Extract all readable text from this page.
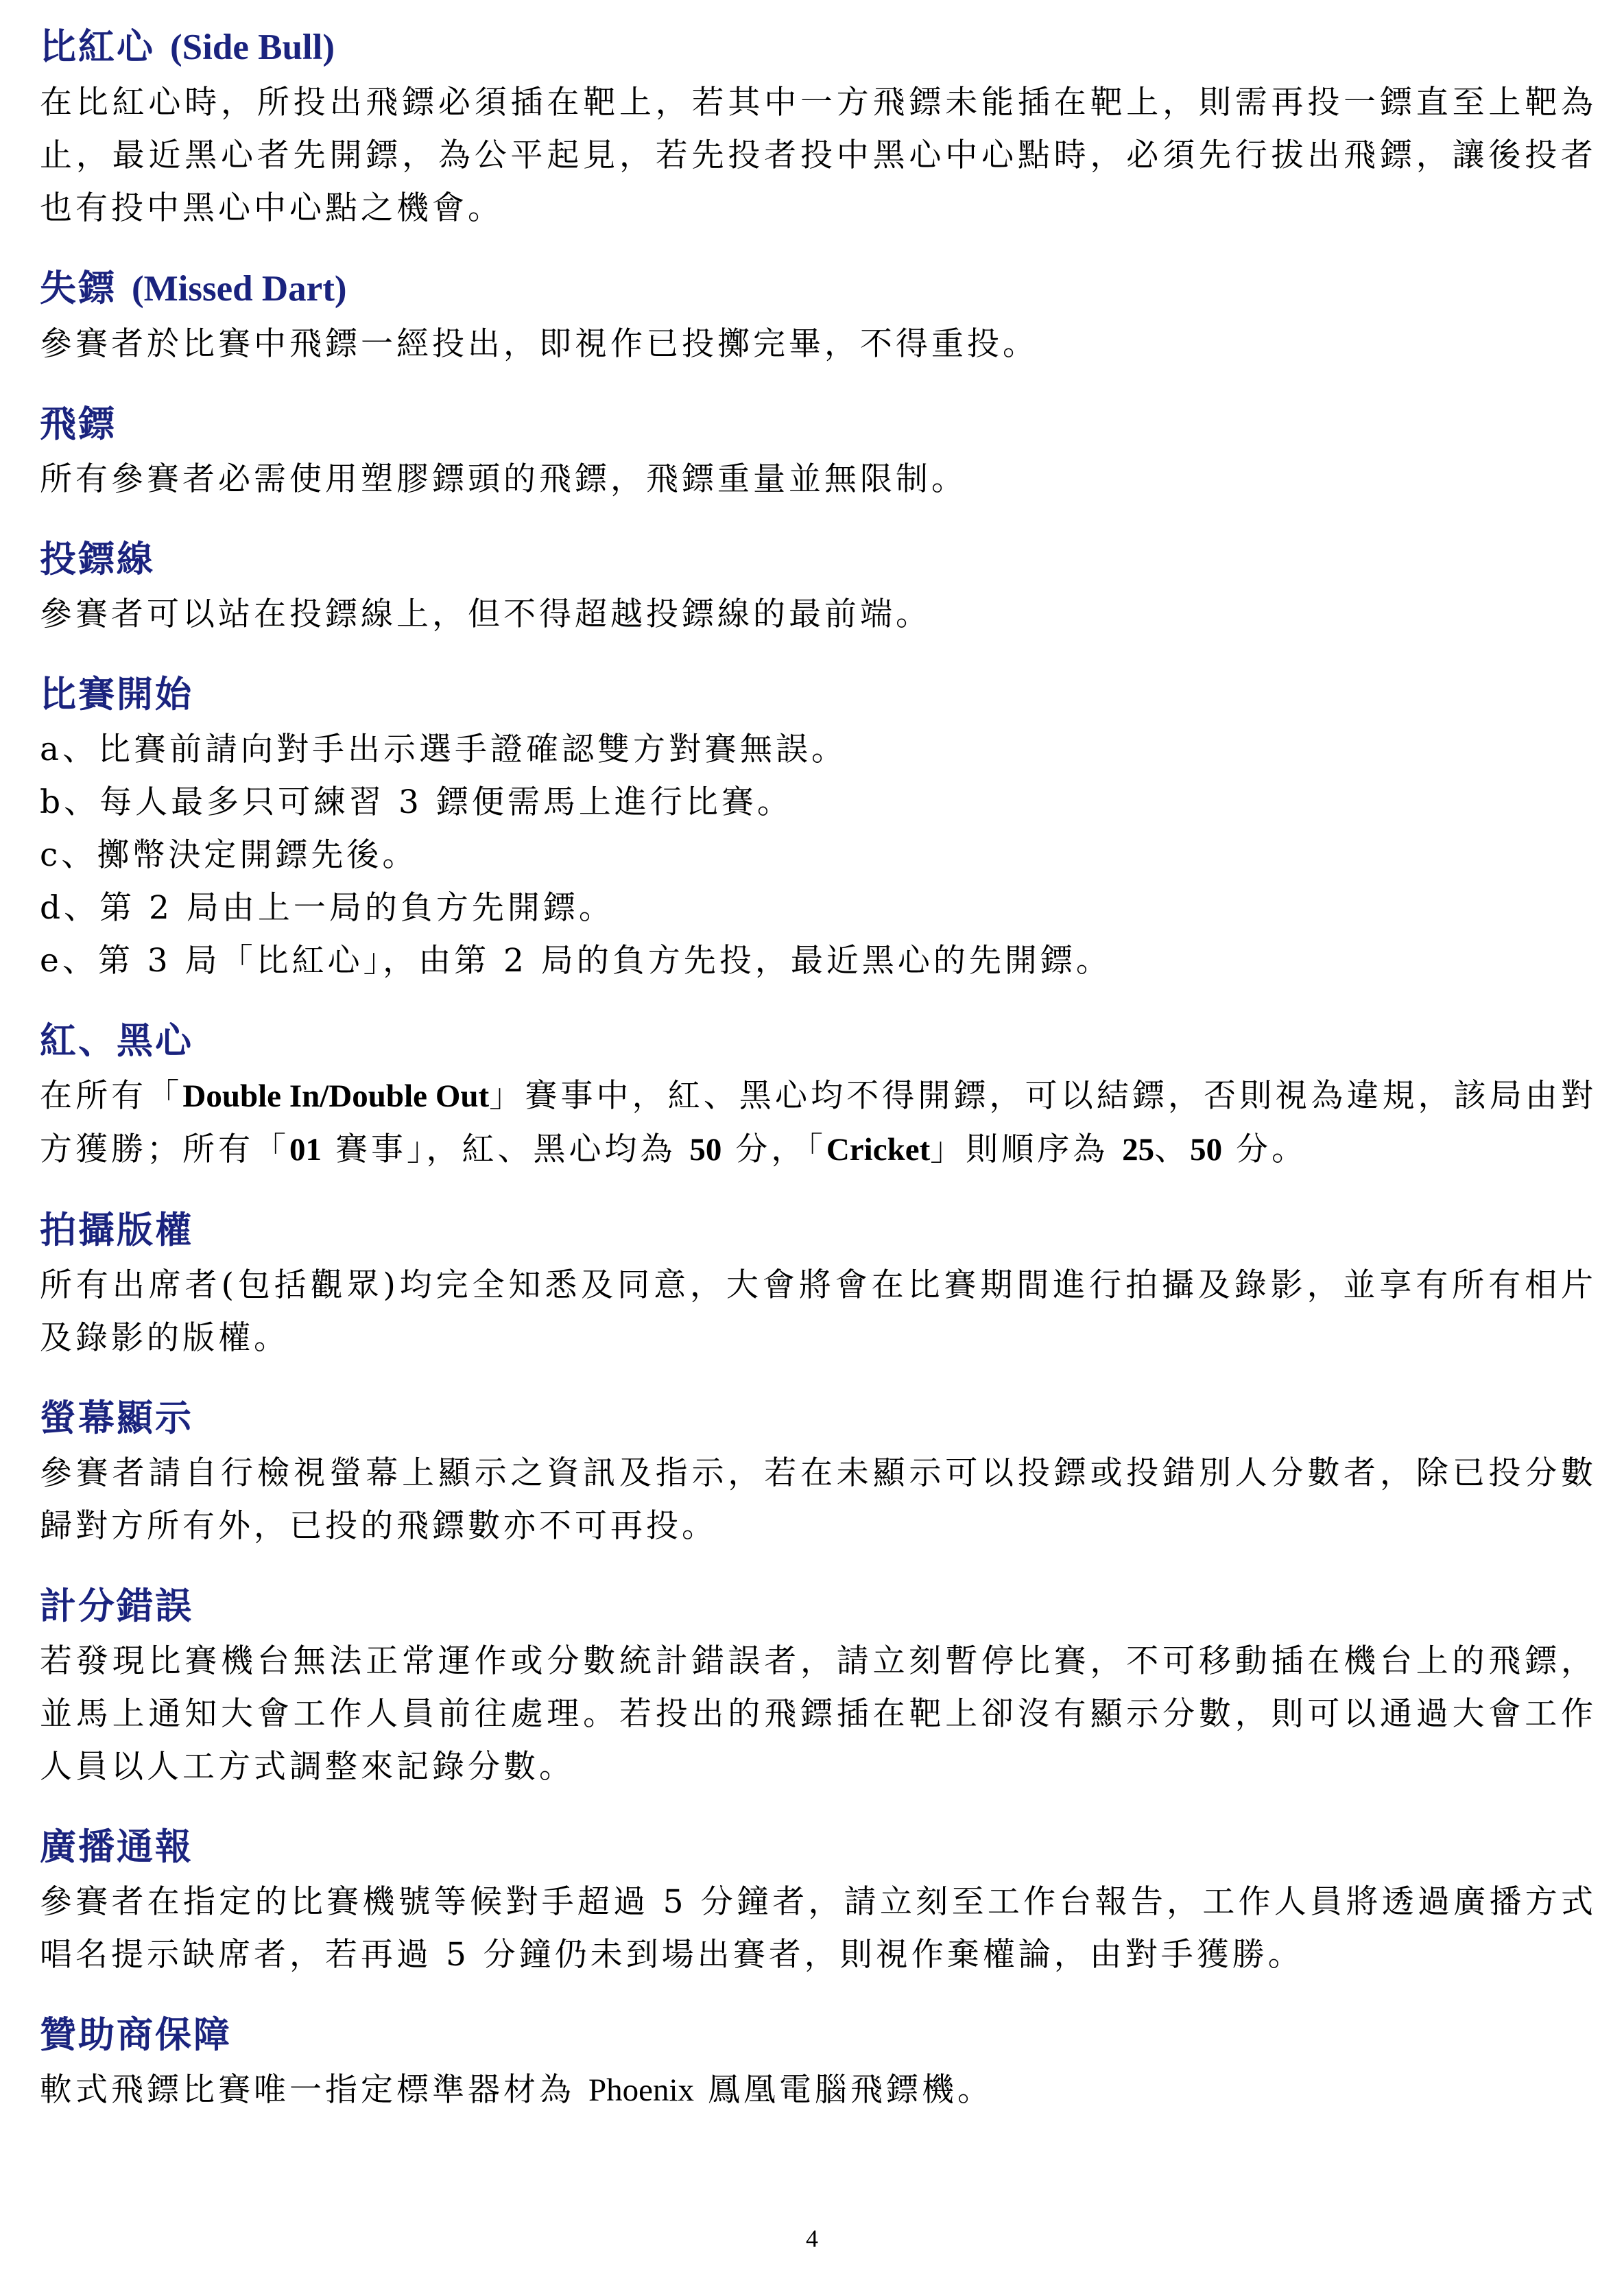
比紅心 (Side Bull)

在比紅心時，所投出飛鏢必須插在靶上，若其中一方飛鏢未能插在靶上，則需再投一鏢直至上靶為止，最近黑心者先開鏢，為公平起見，若先投者投中黑心中心點時，必須先行拔出飛鏢，讓後投者也有投中黑心中心點之機會。

失鏢 (Missed Dart)

參賽者於比賽中飛鏢一經投出，即視作已投擲完畢，不得重投。

飛鏢

所有參賽者必需使用塑膠鏢頭的飛鏢，飛鏢重量並無限制。

投鏢線

參賽者可以站在投鏢線上，但不得超越投鏢線的最前端。

比賽開始

a、比賽前請向對手出示選手證確認雙方對賽無誤。

b、每人最多只可練習 3 鏢便需馬上進行比賽。

c、擲幣決定開鏢先後。

d、第 2 局由上一局的負方先開鏢。

e、第 3 局「比紅心」，由第 2 局的負方先投，最近黑心的先開鏢。

紅、黑心

在所有「Double In/Double Out」賽事中，紅、黑心均不得開鏢，可以結鏢，否則視為違規，該局由對方獲勝；所有「01 賽事」，紅、黑心均為 50 分，「Cricket」則順序為 25、50 分。

拍攝版權

所有出席者(包括觀眾)均完全知悉及同意，大會將會在比賽期間進行拍攝及錄影，並享有所有相片及錄影的版權。

螢幕顯示

參賽者請自行檢視螢幕上顯示之資訊及指示，若在未顯示可以投鏢或投錯別人分數者，除已投分數歸對方所有外，已投的飛鏢數亦不可再投。

計分錯誤

若發現比賽機台無法正常運作或分數統計錯誤者，請立刻暫停比賽，不可移動插在機台上的飛鏢，並馬上通知大會工作人員前往處理。若投出的飛鏢插在靶上卻沒有顯示分數，則可以通過大會工作人員以人工方式調整來記錄分數。

廣播通報

參賽者在指定的比賽機號等候對手超過 5 分鐘者，請立刻至工作台報告，工作人員將透過廣播方式唱名提示缺席者，若再過 5 分鐘仍未到場出賽者，則視作棄權論，由對手獲勝。

贊助商保障

軟式飛鏢比賽唯一指定標準器材為 Phoenix 鳳凰電腦飛鏢機。

4
